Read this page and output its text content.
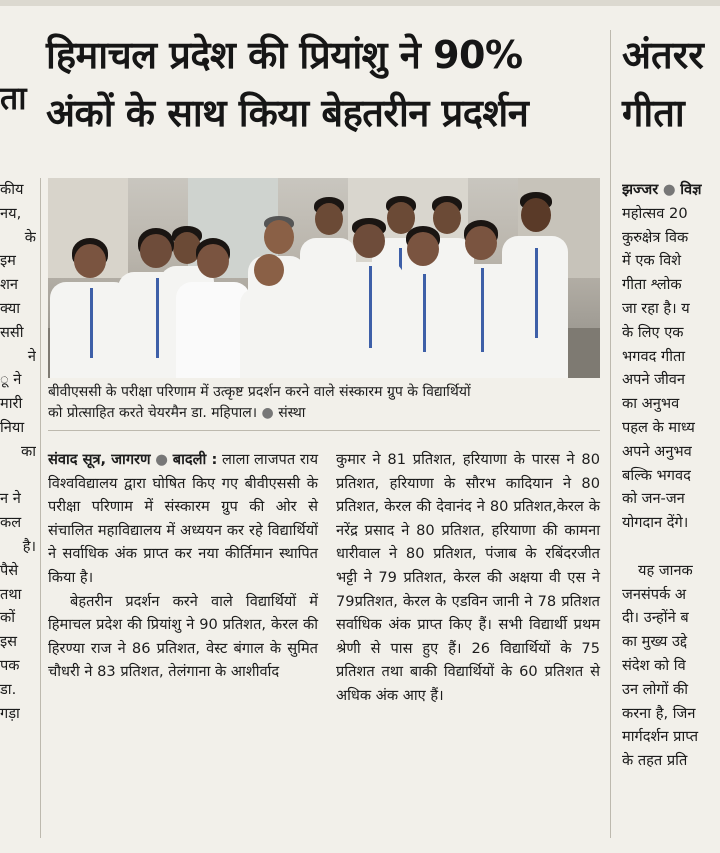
ता
हिमाचल प्रदेश की प्रियांशु ने 90%
अंकों के साथ किया बेहतरीन प्रदर्शन
अंतरर
गीता
बीवीएससी के परीक्षा परिणाम में उत्कृष्ट प्रदर्शन करने वाले संस्कारम ग्रुप के विद्यार्थियों
को प्रोत्साहित करते चेयरमैन डा. महिपाल। ● संस्था

संवाद सूत्र, जागरण ● बादली : लाला लाजपत राय विश्वविद्यालय द्वारा घोषित किए गए बीवीएससी के परीक्षा परिणाम में संस्कारम ग्रुप की ओर से संचालित महाविद्यालय में अध्ययन कर रहे विद्यार्थियों ने सर्वाधिक अंक प्राप्त कर नया कीर्तिमान स्थापित किया है।

बेहतरीन प्रदर्शन करने वाले विद्यार्थियों में हिमाचल प्रदेश की प्रियांशु ने 90 प्रतिशत, केरल की हिरण्या राज ने 86 प्रतिशत, वेस्ट बंगाल के सुमित चौधरी ने 83 प्रतिशत, तेलंगाना के आशीर्वाद

कुमार ने 81 प्रतिशत, हरियाणा के पारस ने 80 प्रतिशत, हरियाणा के सौरभ कादियान ने 80 प्रतिशत, केरल की देवानंद ने 80 प्रतिशत,केरल के नरेंद्र प्रसाद ने 80 प्रतिशत, हरियाणा की कामना धारीवाल ने 80 प्रतिशत, पंजाब के रबिंदरजीत भट्टी ने 79 प्रतिशत, केरल की अक्षया वी एस ने 79प्रतिशत, केरल के एडविन जानी ने 78 प्रतिशत सर्वाधिक अंक प्राप्त किए हैं। सभी विद्यार्थी प्रथम श्रेणी से पास हुए हैं। 26 विद्यार्थियों के 75 प्रतिशत तथा बाकी विद्यार्थियों के 60 प्रतिशत से अधिक अंक आए हैं।

झज्जर ● विज्ञ
महोत्सव 20
कुरुक्षेत्र विक
में एक विशे
गीता श्लोक
जा रहा है। य
के लिए एक
भगवद गीता
अपने जीवन
का अनुभव
पहल के माध्य
अपने अनुभव
बल्कि भगवद
को जन-जन
योगदान देंगे।

यह जानक
जनसंपर्क अ
दी। उन्होंने ब
का मुख्य उद्दे
संदेश को वि
उन लोगों की
करना है, जिन
मार्गदर्शन प्राप्त
के तहत प्रति
कीय
नय,
के
इम
शन
क्या
ससी
ने
ू ने
मारी
निया
का

न ने
कल
है।
पैसे
तथा
कों
इस
पक
डा.
गड़ा
